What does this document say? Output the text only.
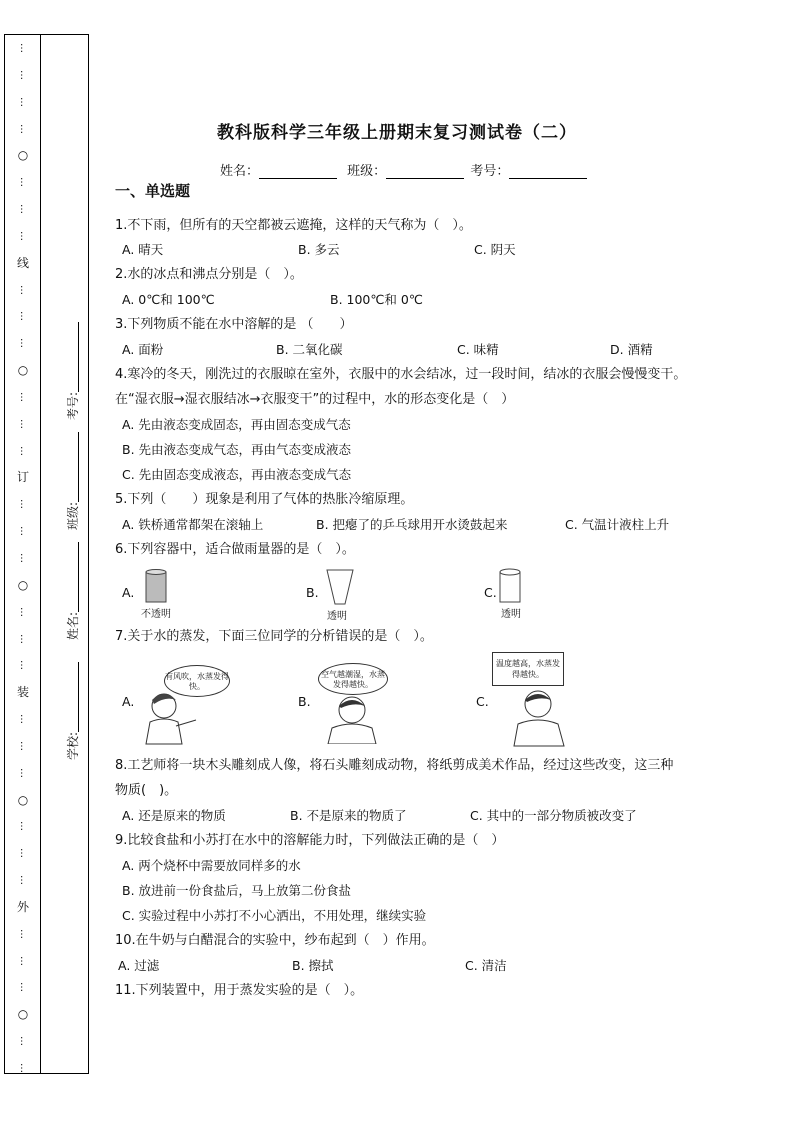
…
…
…
…
○
…
…
…
线
…
…
…
○
…
…
…
订
…
…
…
○
…
…
…
装
…
…
…
○
…
…
…
外
…
…
…
○
…
…
学校:
姓名:
班级:
考号:
教科版科学三年级上册期末复习测试卷（二）
姓名：	班级：	考号：
一、单选题
1.不下雨，但所有的天空都被云遮掩，这样的天气称为（　）。
A. 晴天	B. 多云	C. 阴天
2.水的冰点和沸点分别是（　）。
A. 0℃和 100℃	B. 100℃和 0℃
3.下列物质不能在水中溶解的是 （　　）
A. 面粉	B. 二氧化碳	C. 味精	D. 酒精
4.寒冷的冬天，刚洗过的衣服晾在室外，衣服中的水会结冰，过一段时间，结冰的衣服会慢慢变干。
在“湿衣服→湿衣服结冰→衣服变干”的过程中，水的形态变化是（　）
A. 先由液态变成固态，再由固态变成气态
B. 先由液态变成气态，再由气态变成液态
C. 先由固态变成液态，再由液态变成气态
5.下列（　　）现象是利用了气体的热胀冷缩原理。
A. 铁桥通常都架在滚轴上	B. 把瘪了的乒乓球用开水烫鼓起来	C. 气温计液柱上升
6.下列容器中，适合做雨量器的是（　）。
A.
不透明
B.
透明
C.
透明
7.关于水的蒸发，下面三位同学的分析错误的是（　）。
A.
有风吹，水蒸发得快。
B.
空气越潮湿，水蒸发得越快。
C.
温度越高，水蒸发得越快。
8.工艺师将一块木头雕刻成人像，将石头雕刻成动物，将纸剪成美术作品，经过这些改变，这三种
物质(　)。
A. 还是原来的物质	B. 不是原来的物质了	C. 其中的一部分物质被改变了
9.比较食盐和小苏打在水中的溶解能力时，下列做法正确的是（　）
A. 两个烧杯中需要放同样多的水
B. 放进前一份食盐后，马上放第二份食盐
C. 实验过程中小苏打不小心洒出，不用处理，继续实验
10.在牛奶与白醋混合的实验中，纱布起到（　）作用。
A. 过滤	B. 擦拭	C. 清洁
11.下列装置中，用于蒸发实验的是（　）。
